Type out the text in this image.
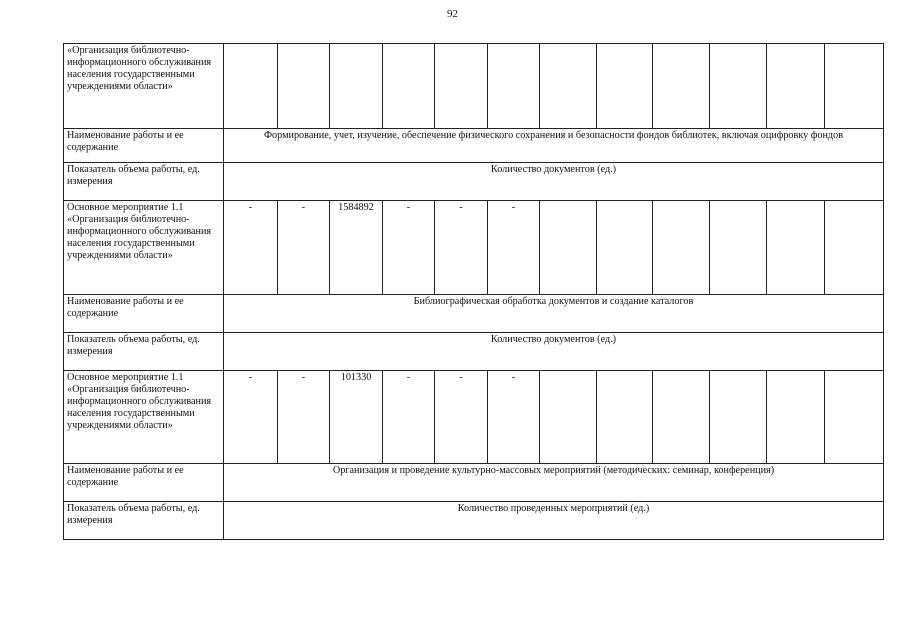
92
«Организация библиотечно-информационного обслуживания населения государственными учреждениями области»												
Наименование работы и ее содержание	Формирование, учет, изучение, обеспечение физического сохранения и безопасности фондов библиотек, включая оцифровку фондов											
Показатель объема работы, ед. измерения	Количество документов (ед.)											
Основное мероприятие 1.1 «Организация библиотечно-информационного обслуживания населения государственными учреждениями области»	-	-	1584892	-	-	-						
Наименование работы и ее содержание	Библиографическая обработка документов и создание каталогов											
Показатель объема работы, ед. измерения	Количество документов (ед.)											
Основное мероприятие 1.1 «Организация библиотечно-информационного обслуживания населения государственными учреждениями области»	-	-	101330	-	-	-						
Наименование работы и ее содержание	Организация и проведение культурно-массовых мероприятий (методических: семинар, конференция)											
Показатель объема работы, ед. измерения	Количество проведенных мероприятий (ед.)											
